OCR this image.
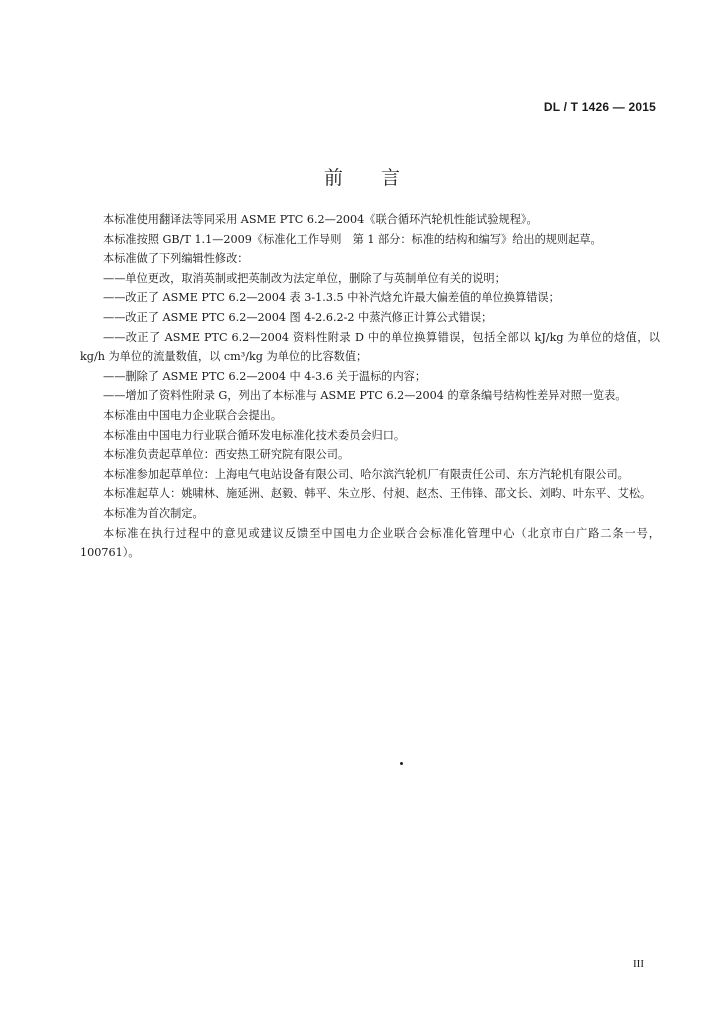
DL / T 1426 — 2015
前言

本标准使用翻译法等同采用 ASME PTC 6.2—2004《联合循环汽轮机性能试验规程》。

本标准按照 GB/T 1.1—2009《标准化工作导则　第 1 部分：标准的结构和编写》给出的规则起草。

本标准做了下列编辑性修改：

——单位更改，取消英制或把英制改为法定单位，删除了与英制单位有关的说明；

——改正了 ASME PTC 6.2—2004 表 3-1.3.5 中补汽焓允许最大偏差值的单位换算错误；

——改正了 ASME PTC 6.2—2004 图 4-2.6.2-2 中蒸汽修正计算公式错误；

——改正了 ASME PTC 6.2—2004 资料性附录 D 中的单位换算错误，包括全部以 kJ/kg 为单位的焓值，以 kg/h 为单位的流量数值，以 cm³/kg 为单位的比容数值；

——删除了 ASME PTC 6.2—2004 中 4-3.6 关于温标的内容；

——增加了资料性附录 G，列出了本标准与 ASME PTC 6.2—2004 的章条编号结构性差异对照一览表。

本标准由中国电力企业联合会提出。

本标准由中国电力行业联合循环发电标准化技术委员会归口。

本标准负责起草单位：西安热工研究院有限公司。

本标准参加起草单位：上海电气电站设备有限公司、哈尔滨汽轮机厂有限责任公司、东方汽轮机有限公司。

本标准起草人：姚啸林、施延洲、赵毅、韩平、朱立彤、付昶、赵杰、王伟锋、邵文长、刘畇、叶东平、艾松。

本标准为首次制定。

本标准在执行过程中的意见或建议反馈至中国电力企业联合会标准化管理中心（北京市白广路二条一号，100761）。

III
